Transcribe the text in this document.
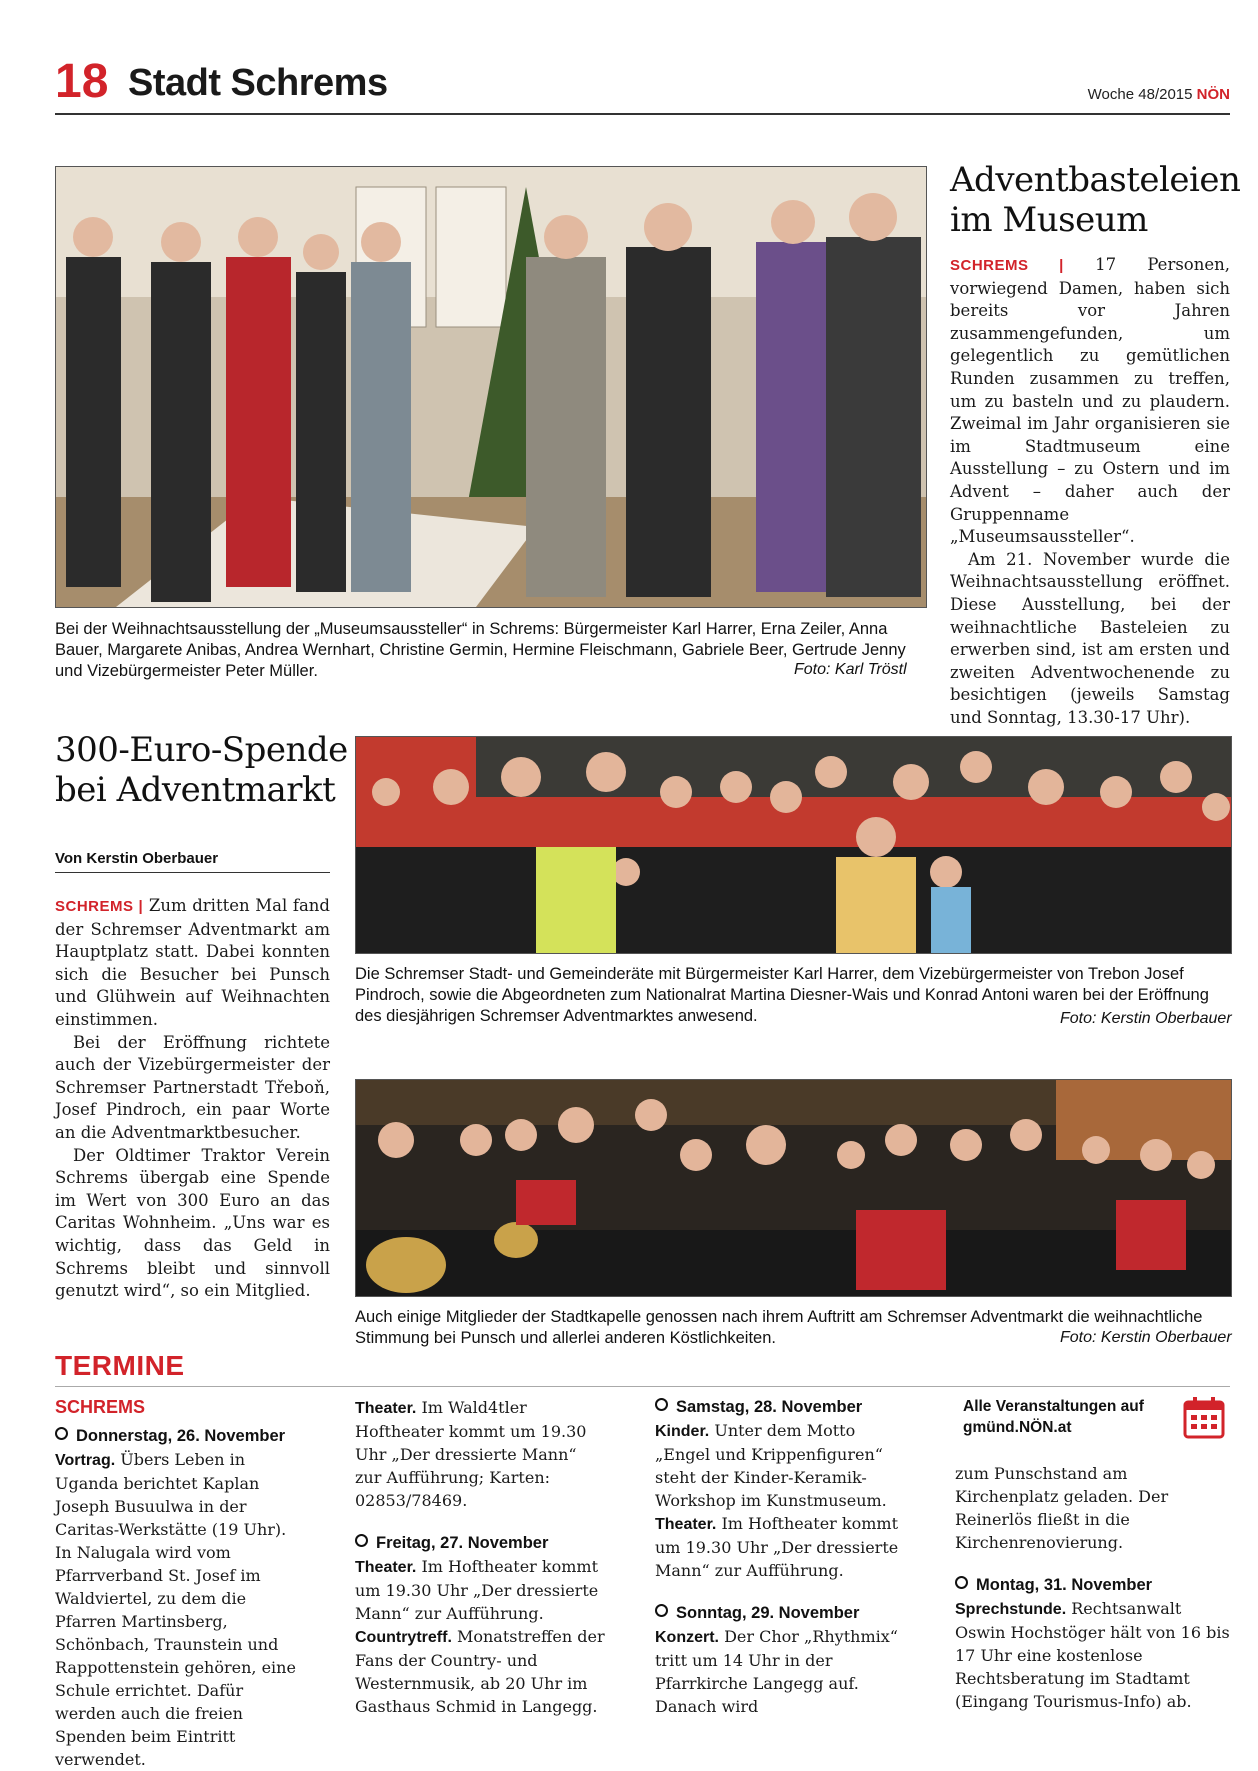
18 Stadt Schrems	Woche 48/2015 NÖN
Bei der Weihnachtsausstellung der „Museumsaussteller“ in Schrems: Bürgermeister Karl Harrer, Erna Zeiler, Anna Bauer, Margarete Anibas, Andrea Wernhart, Christine Germin, Hermine Fleischmann, Gabriele Beer, Gertrude Jenny und Vizebürgermeister Peter Müller.	Foto: Karl Tröstl
Adventbasteleien
im Museum

SCHREMS | 17 Personen, vorwiegend Damen, haben sich bereits vor Jahren zusammengefunden, um gelegentlich zu gemütlichen Runden zusammen zu treffen, um zu basteln und zu plaudern. Zweimal im Jahr organisieren sie im Stadtmuseum eine Ausstellung – zu Ostern und im Advent – daher auch der Gruppenname „Museumsaussteller“.

Am 21. November wurde die Weihnachtsausstellung eröffnet. Diese Ausstellung, bei der weihnachtliche Basteleien zu erwerben sind, ist am ersten und zweiten Adventwochenende zu besichtigen (jeweils Samstag und Sonntag, 13.30-17 Uhr).

300-Euro-Spende
bei Adventmarkt
Von Kerstin Oberbauer

SCHREMS | Zum dritten Mal fand der Schremser Adventmarkt am Hauptplatz statt. Dabei konnten sich die Besucher bei Punsch und Glühwein auf Weihnachten einstimmen.

Bei der Eröffnung richtete auch der Vizebürgermeister der Schremser Partnerstadt Třeboň, Josef Pindroch, ein paar Worte an die Adventmarktbesucher.

Der Oldtimer Traktor Verein Schrems übergab eine Spende im Wert von 300 Euro an das Caritas Wohnheim. „Uns war es wichtig, dass das Geld in Schrems bleibt und sinnvoll genutzt wird“, so ein Mitglied.

Die Schremser Stadt- und Gemeinderäte mit Bürgermeister Karl Harrer, dem Vizebürgermeister von Trebon Josef Pindroch, sowie die Abgeordneten zum Nationalrat Martina Diesner-Wais und Konrad Antoni waren bei der Eröffnung des diesjährigen Schremser Adventmarktes anwesend.	Foto: Kerstin Oberbauer
Auch einige Mitglieder der Stadtkapelle genossen nach ihrem Auftritt am Schremser Adventmarkt die weihnachtliche Stimmung bei Punsch und allerlei anderen Köstlichkeiten.	Foto: Kerstin Oberbauer
TERMINE
SCHREMS
Donnerstag, 26. November
Vortrag. Übers Leben in Uganda berichtet Kaplan Joseph Busuulwa in der Caritas-Werkstätte (19 Uhr). In Nalugala wird vom Pfarrverband St. Josef im Waldviertel, zu dem die Pfarren Martinsberg, Schönbach, Traunstein und Rappottenstein gehören, eine Schule errichtet. Dafür werden auch die freien Spenden beim Eintritt verwendet.
Theater. Im Wald4tler Hoftheater kommt um 19.30 Uhr „Der dressierte Mann“ zur Aufführung; Karten: 02853/78469.
Freitag, 27. November
Theater. Im Hoftheater kommt um 19.30 Uhr „Der dressierte Mann“ zur Aufführung.
Countrytreff. Monatstreffen der Fans der Country- und Westernmusik, ab 20 Uhr im Gasthaus Schmid in Langegg.
Samstag, 28. November
Kinder. Unter dem Motto „Engel und Krippenfiguren“ steht der Kinder-Keramik-Workshop im Kunstmuseum.
Theater. Im Hoftheater kommt um 19.30 Uhr „Der dressierte Mann“ zur Aufführung.
Sonntag, 29. November
Konzert. Der Chor „Rhythmix“ tritt um 14 Uhr in der Pfarrkirche Langegg auf. Danach wird
Alle Veranstaltungen auf
gmünd.NÖN.at
zum Punschstand am Kirchenplatz geladen. Der Reinerlös fließt in die Kirchenrenovierung.
Montag, 31. November
Sprechstunde. Rechtsanwalt Oswin Hochstöger hält von 16 bis 17 Uhr eine kostenlose Rechtsberatung im Stadtamt (Eingang Tourismus-Info) ab.
